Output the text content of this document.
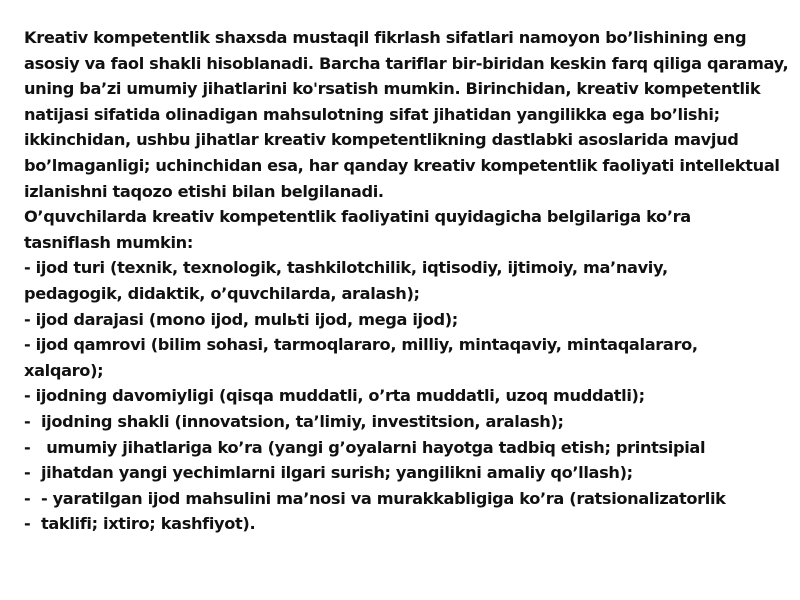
Kreativ kompetentlik shaxsda mustaqil fikrlash sifatlari namoyon bo’lishining eng
asosiy va faol shakli hisoblanadi. Barcha tariflar bir-biridan keskin farq qiliga qaramay,
uning ba’zi umumiy jihatlarini ko'rsatish mumkin. Birinchidan, kreativ kompetentlik
natijasi sifatida olinadigan mahsulotning sifat jihatidan yangilikka ega bo’lishi;
ikkinchidan, ushbu jihatlar kreativ kompetentlikning dastlabki asoslarida mavjud
bo’lmaganligi; uchinchidan esa, har qanday kreativ kompetentlik faoliyati intellektual
izlanishni taqozo etishi bilan belgilanadi.
O’quvchilarda kreativ kompetentlik faoliyatini quyidagicha belgilariga ko’ra
tasniflash mumkin:
- ijod turi (texnik, texnologik, tashkilotchilik, iqtisodiy, ijtimoiy, ma’naviy,
pedagogik, didaktik, o’quvchilarda, aralash);
- ijod darajasi (mono ijod, mulьti ijod, mega ijod);
- ijod qamrovi (bilim sohasi, tarmoqlararo, milliy, mintaqaviy, mintaqalararo,
xalqaro);
- ijodning davomiyligi (qisqa muddatli, o’rta muddatli, uzoq muddatli);
-  ijodning shakli (innovatsion, ta’limiy, investitsion, aralash);
-   umumiy jihatlariga ko’ra (yangi g’oyalarni hayotga tadbiq etish; printsipial
-  jihatdan yangi yechimlarni ilgari surish; yangilikni amaliy qo’llash);
-  - yaratilgan ijod mahsulini ma’nosi va murakkabligiga ko’ra (ratsionalizatorlik
-  taklifi; ixtiro; kashfiyot).
